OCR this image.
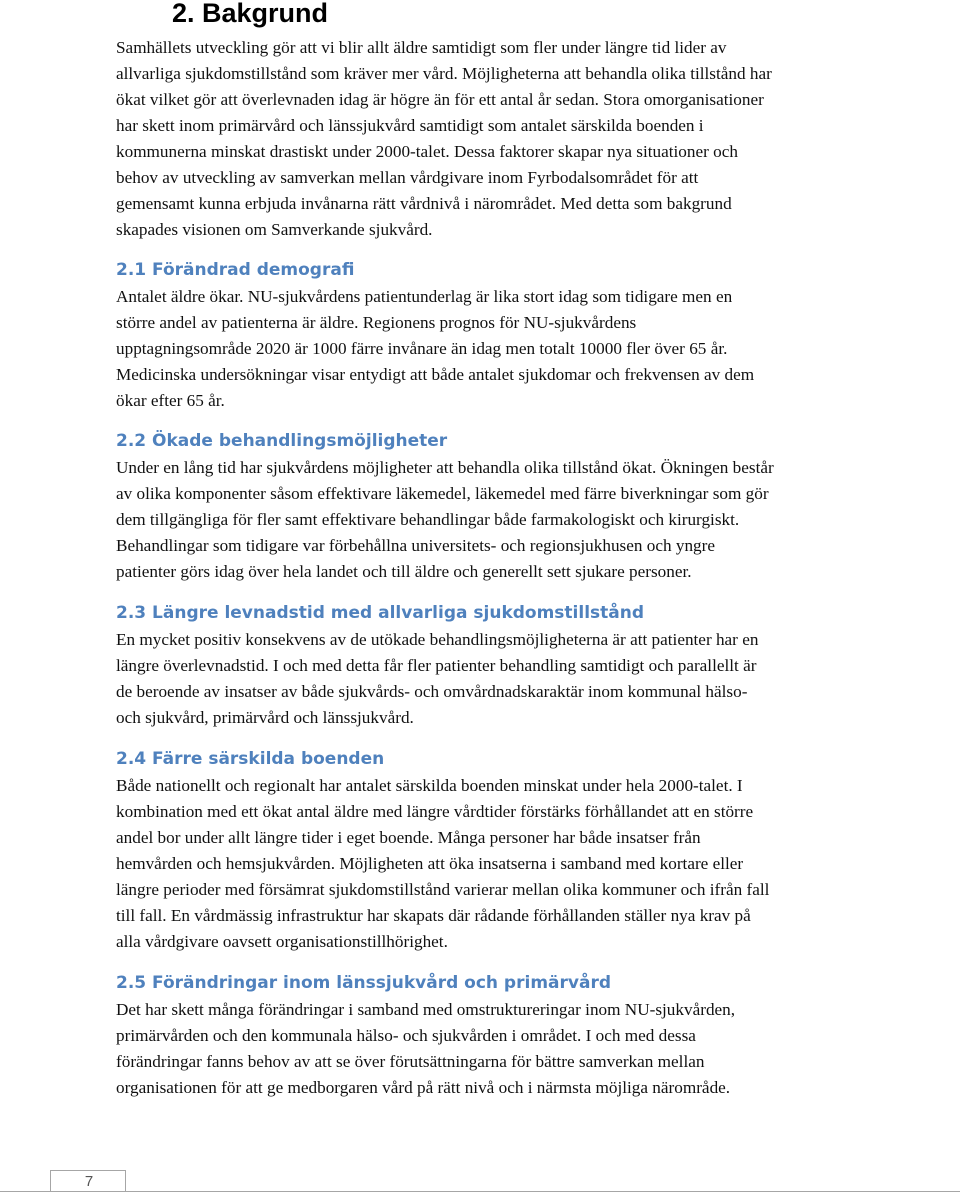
2. Bakgrund
Samhällets utveckling gör att vi blir allt äldre samtidigt som fler under längre tid lider av
allvarliga sjukdomstillstånd som kräver mer vård. Möjligheterna att behandla olika tillstånd har
ökat vilket gör att överlevnaden idag är högre än för ett antal år sedan. Stora omorganisationer
har skett inom primärvård och länssjukvård samtidigt som antalet särskilda boenden i
kommunerna minskat drastiskt under 2000-talet. Dessa faktorer skapar nya situationer och
behov av utveckling av samverkan mellan vårdgivare inom Fyrbodalsområdet för att
gemensamt kunna erbjuda invånarna rätt vårdnivå i närområdet. Med detta som bakgrund
skapades visionen om Samverkande sjukvård.
2.1 Förändrad demografi
Antalet äldre ökar. NU-sjukvårdens patientunderlag är lika stort idag som tidigare men en
större andel av patienterna är äldre. Regionens prognos för NU-sjukvårdens
upptagningsområde 2020 är 1000 färre invånare än idag men totalt 10000 fler över 65 år.
Medicinska undersökningar visar entydigt att både antalet sjukdomar och frekvensen av dem
ökar efter 65 år.
2.2 Ökade behandlingsmöjligheter
Under en lång tid har sjukvårdens möjligheter att behandla olika tillstånd ökat. Ökningen består
av olika komponenter såsom effektivare läkemedel, läkemedel med färre biverkningar som gör
dem tillgängliga för fler samt effektivare behandlingar både farmakologiskt och kirurgiskt.
Behandlingar som tidigare var förbehållna universitets- och regionsjukhusen och yngre
patienter görs idag över hela landet och till äldre och generellt sett sjukare personer.
2.3 Längre levnadstid med allvarliga sjukdomstillstånd
En mycket positiv konsekvens av de utökade behandlingsmöjligheterna är att patienter har en
längre överlevnadstid. I och med detta får fler patienter behandling samtidigt och parallellt är
de beroende av insatser av både sjukvårds- och omvårdnadskaraktär inom kommunal hälso-
och sjukvård, primärvård och länssjukvård.
2.4 Färre särskilda boenden
Både nationellt och regionalt har antalet särskilda boenden minskat under hela 2000-talet. I
kombination med ett ökat antal äldre med längre vårdtider förstärks förhållandet att en större
andel bor under allt längre tider i eget boende. Många personer har både insatser från
hemvården och hemsjukvården. Möjligheten att öka insatserna i samband med kortare eller
längre perioder med försämrat sjukdomstillstånd varierar mellan olika kommuner och ifrån fall
till fall. En vårdmässig infrastruktur har skapats där rådande förhållanden ställer nya krav på
alla vårdgivare oavsett organisationstillhörighet.
2.5 Förändringar inom länssjukvård och primärvård
Det har skett många förändringar i samband med omstruktureringar inom NU-sjukvården,
primärvården och den kommunala hälso- och sjukvården i området. I och med dessa
förändringar fanns behov av att se över förutsättningarna för bättre samverkan mellan
organisationen för att ge medborgaren vård på rätt nivå och i närmsta möjliga närområde.
7
